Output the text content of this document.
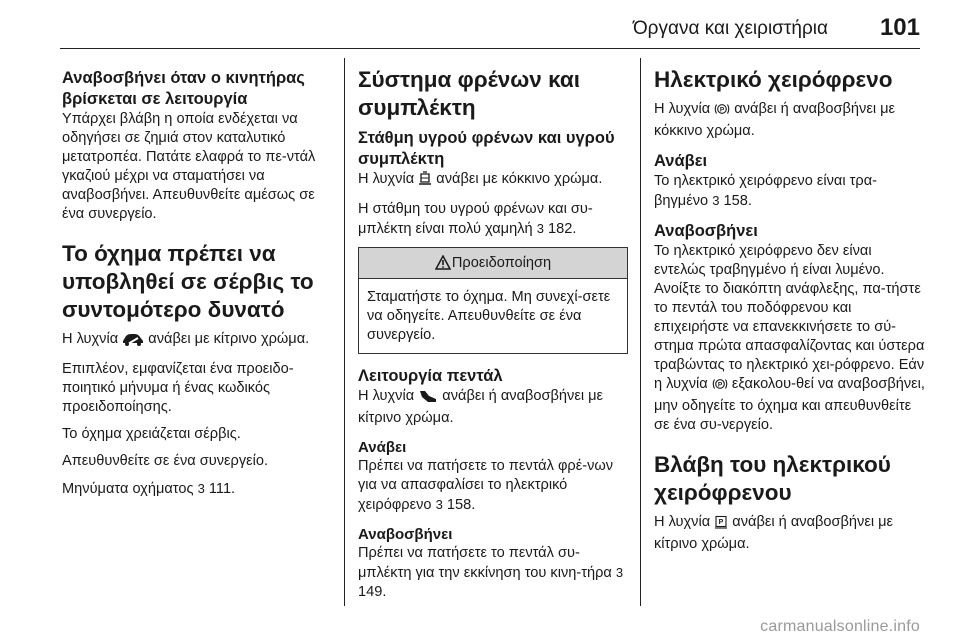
Όργανα και χειριστήρια 101
Αναβοσβήνει όταν ο κινητήρας βρίσκεται σε λειτουργία

Υπάρχει βλάβη η οποία ενδέχεται να οδηγήσει σε ζημιά στον καταλυτικό μετατροπέα. Πατάτε ελαφρά το πε‐ντάλ γκαζιού μέχρι να σταματήσει να αναβοσβήνει. Απευθυνθείτε αμέσως σε ένα συνεργείο.

Το όχημα πρέπει να υποβληθεί σε σέρβις το συντομότερο δυνατό

Η λυχνία ανάβει με κίτρινο χρώμα.

Επιπλέον, εμφανίζεται ένα προειδο‐ποιητικό μήνυμα ή ένας κωδικός προειδοποίησης.

Το όχημα χρειάζεται σέρβις.

Απευθυνθείτε σε ένα συνεργείο.

Μηνύματα οχήματος 3 111.

Σύστημα φρένων και συμπλέκτη
Στάθμη υγρού φρένων και υγρού συμπλέκτη

Η λυχνία ανάβει με κόκκινο χρώμα.

Η στάθμη του υγρού φρένων και συ‐μπλέκτη είναι πολύ χαμηλή 3 182.

Προειδοποίηση

Σταματήστε το όχημα. Μη συνεχί‐σετε να οδηγείτε. Απευθυνθείτε σε ένα συνεργείο.

Λειτουργία πεντάλ

Η λυχνία ανάβει ή αναβοσβήνει με κίτρινο χρώμα.

Ανάβει

Πρέπει να πατήσετε το πεντάλ φρέ‐νων για να απασφαλίσει το ηλεκτρικό χειρόφρενο 3 158.

Αναβοσβήνει

Πρέπει να πατήσετε το πεντάλ συ‐μπλέκτη για την εκκίνηση του κινη‐τήρα 3 149.

Ηλεκτρικό χειρόφρενο

Η λυχνία P ανάβει ή αναβοσβήνει με κόκκινο χρώμα.

Ανάβει

Το ηλεκτρικό χειρόφρενο είναι τρα‐βηγμένο 3 158.

Αναβοσβήνει

Το ηλεκτρικό χειρόφρενο δεν είναι εντελώς τραβηγμένο ή είναι λυμένο. Ανοίξτε το διακόπτη ανάφλεξης, πα‐τήστε το πεντάλ του ποδόφρενου και επιχειρήστε να επανεκκινήσετε το σύ‐στημα πρώτα απασφαλίζοντας και ύστερα τραβώντας το ηλεκτρικό χει‐ρόφρενο. Εάν η λυχνία P εξακολου‐θεί να αναβοσβήνει, μην οδηγείτε το όχημα και απευθυνθείτε σε ένα συ‐νεργείο.

Βλάβη του ηλεκτρικού χειρόφρενου

Η λυχνία P ανάβει ή αναβοσβήνει με κίτρινο χρώμα.

carmanualsonline.info
